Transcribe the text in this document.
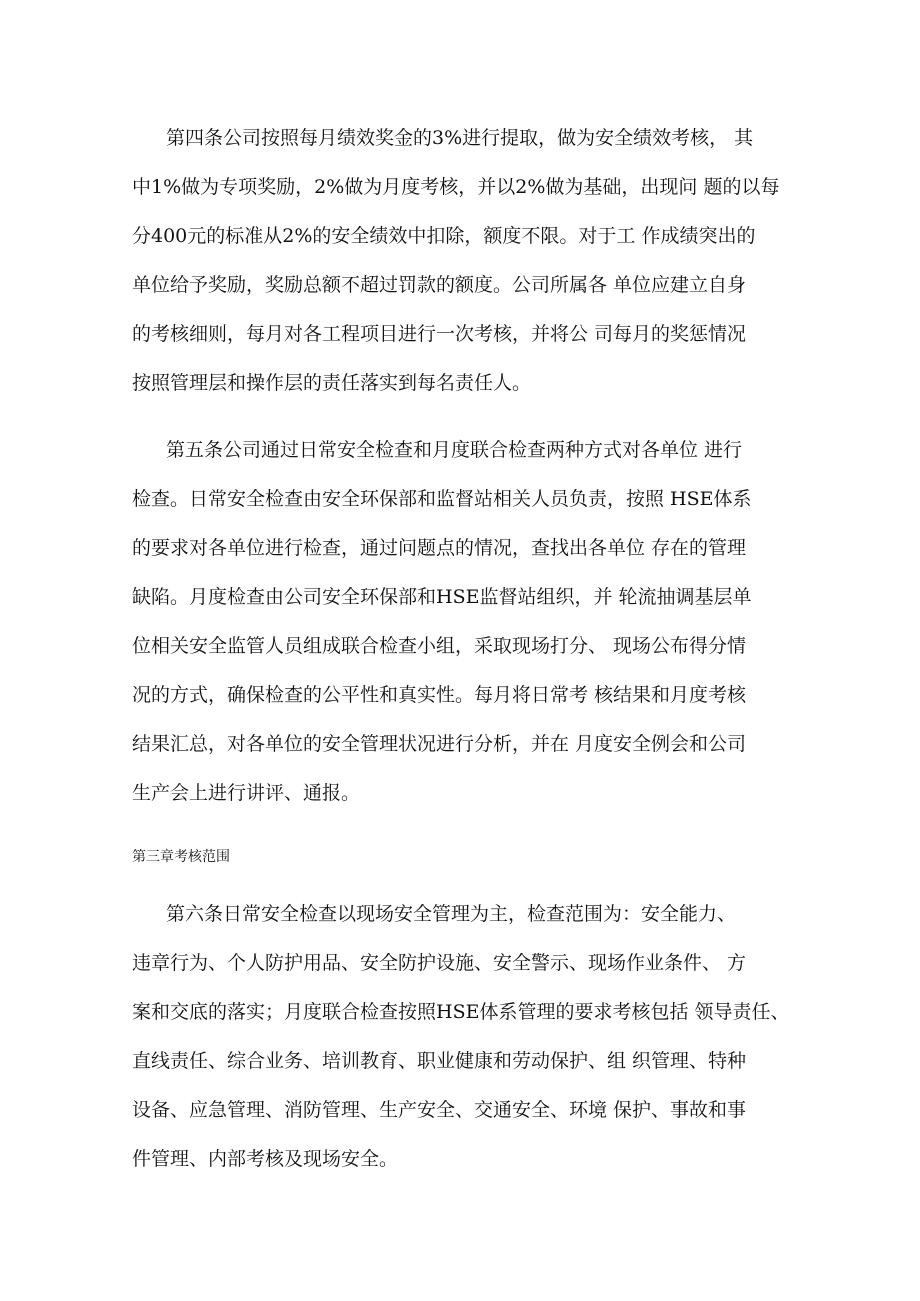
第四条公司按照每月绩效奖金的3%进行提取，做为安全绩效考核， 其
中1%做为专项奖励，2%做为月度考核，并以2%做为基础，出现问 题的以每
分400元的标准从2%的安全绩效中扣除，额度不限。对于工 作成绩突出的
单位给予奖励，奖励总额不超过罚款的额度。公司所属各 单位应建立自身
的考核细则，每月对各工程项目进行一次考核，并将公 司每月的奖惩情况
按照管理层和操作层的责任落实到每名责任人。
第五条公司通过日常安全检查和月度联合检查两种方式对各单位 进行
检查。日常安全检查由安全环保部和监督站相关人员负责，按照 HSE体系
的要求对各单位进行检查，通过问题点的情况，查找出各单位 存在的管理
缺陷。月度检查由公司安全环保部和HSE监督站组织，并 轮流抽调基层单
位相关安全监管人员组成联合检查小组，采取现场打分、 现场公布得分情
况的方式，确保检查的公平性和真实性。每月将日常考 核结果和月度考核
结果汇总，对各单位的安全管理状况进行分析，并在 月度安全例会和公司
生产会上进行讲评、通报。
第三章考核范围
第六条日常安全检查以现场安全管理为主，检查范围为：安全能力、
违章行为、个人防护用品、安全防护设施、安全警示、现场作业条件、 方
案和交底的落实；月度联合检查按照HSE体系管理的要求考核包括 领导责任、
直线责任、综合业务、培训教育、职业健康和劳动保护、组 织管理、特种
设备、应急管理、消防管理、生产安全、交通安全、环境 保护、事故和事
件管理、内部考核及现场安全。
